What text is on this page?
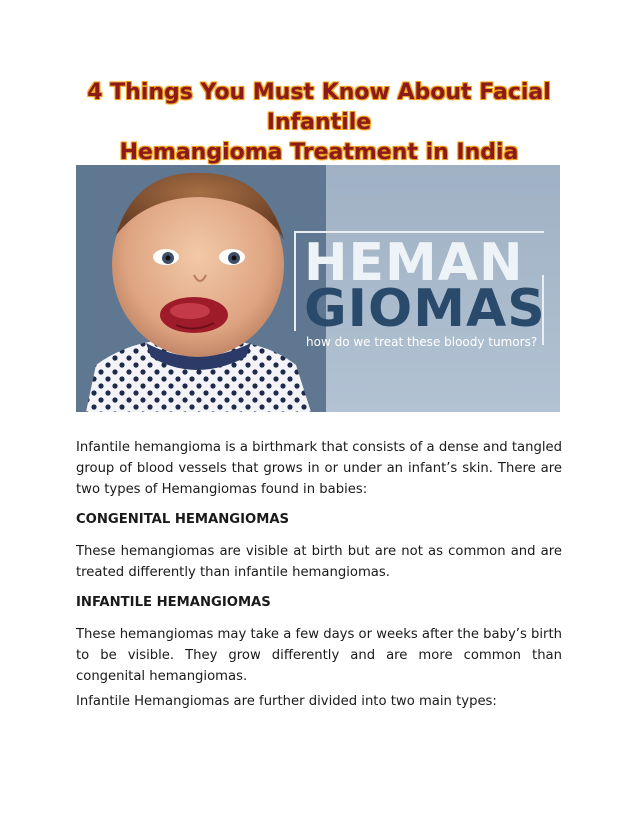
4 Things You Must Know About Facial Infantile
Hemangioma Treatment in India
HEMAN
GIOMAS
how do we treat these bloody tumors?

Infantile hemangioma is a birthmark that consists of a dense and tangled group of blood vessels that grows in or under an infant’s skin. There are two types of Hemangiomas found in babies:

CONGENITAL HEMANGIOMAS

These hemangiomas are visible at birth but are not as common and are treated differently than infantile hemangiomas.

INFANTILE HEMANGIOMAS

These hemangiomas may take a few days or weeks after the baby’s birth to be visible. They grow differently and are more common than congenital hemangiomas.

Infantile Hemangiomas are further divided into two main types:
